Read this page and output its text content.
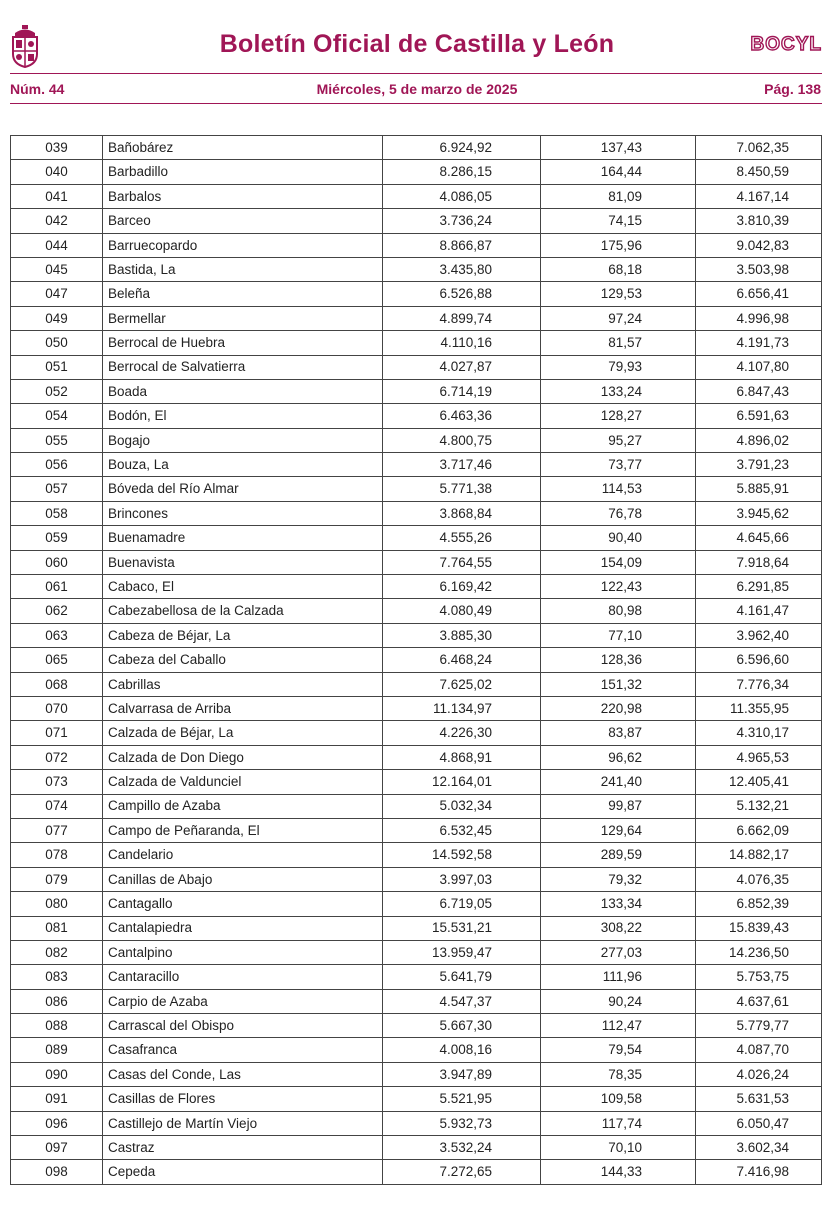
Boletín Oficial de Castilla y León	BOCYL
Núm. 44	Miércoles, 5 de marzo de 2025	Pág. 138
039	Bañobárez	6.924,92	137,43	7.062,35
040	Barbadillo	8.286,15	164,44	8.450,59
041	Barbalos	4.086,05	81,09	4.167,14
042	Barceo	3.736,24	74,15	3.810,39
044	Barruecopardo	8.866,87	175,96	9.042,83
045	Bastida, La	3.435,80	68,18	3.503,98
047	Beleña	6.526,88	129,53	6.656,41
049	Bermellar	4.899,74	97,24	4.996,98
050	Berrocal de Huebra	4.110,16	81,57	4.191,73
051	Berrocal de Salvatierra	4.027,87	79,93	4.107,80
052	Boada	6.714,19	133,24	6.847,43
054	Bodón, El	6.463,36	128,27	6.591,63
055	Bogajo	4.800,75	95,27	4.896,02
056	Bouza, La	3.717,46	73,77	3.791,23
057	Bóveda del Río Almar	5.771,38	114,53	5.885,91
058	Brincones	3.868,84	76,78	3.945,62
059	Buenamadre	4.555,26	90,40	4.645,66
060	Buenavista	7.764,55	154,09	7.918,64
061	Cabaco, El	6.169,42	122,43	6.291,85
062	Cabezabellosa de la Calzada	4.080,49	80,98	4.161,47
063	Cabeza de Béjar, La	3.885,30	77,10	3.962,40
065	Cabeza del Caballo	6.468,24	128,36	6.596,60
068	Cabrillas	7.625,02	151,32	7.776,34
070	Calvarrasa de Arriba	11.134,97	220,98	11.355,95
071	Calzada de Béjar, La	4.226,30	83,87	4.310,17
072	Calzada de Don Diego	4.868,91	96,62	4.965,53
073	Calzada de Valdunciel	12.164,01	241,40	12.405,41
074	Campillo de Azaba	5.032,34	99,87	5.132,21
077	Campo de Peñaranda, El	6.532,45	129,64	6.662,09
078	Candelario	14.592,58	289,59	14.882,17
079	Canillas de Abajo	3.997,03	79,32	4.076,35
080	Cantagallo	6.719,05	133,34	6.852,39
081	Cantalapiedra	15.531,21	308,22	15.839,43
082	Cantalpino	13.959,47	277,03	14.236,50
083	Cantaracillo	5.641,79	111,96	5.753,75
086	Carpio de Azaba	4.547,37	90,24	4.637,61
088	Carrascal del Obispo	5.667,30	112,47	5.779,77
089	Casafranca	4.008,16	79,54	4.087,70
090	Casas del Conde, Las	3.947,89	78,35	4.026,24
091	Casillas de Flores	5.521,95	109,58	5.631,53
096	Castillejo de Martín Viejo	5.932,73	117,74	6.050,47
097	Castraz	3.532,24	70,10	3.602,34
098	Cepeda	7.272,65	144,33	7.416,98
